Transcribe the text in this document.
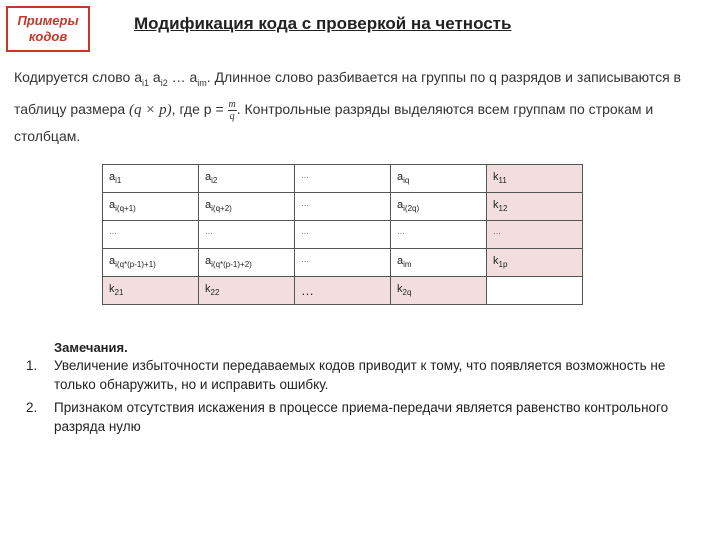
Примеры
кодов
Модификация кода с проверкой на четность
Кодируется слово $a_{i1}$ $a_{i2}$ … $a_{im}$. Длинное слово разбивается на группы по q разрядов и записываются в таблицу размера (q × p), где $p = \frac{m}{q}$ . Контрольные разряды выделяются всем группам по строкам и столбцам.
$a_{i1}$	$a_{i2}$	…	$a_{iq}$	$k_{11}$
$a_{i(q+1)}$	$a_{i(q+2)}$	…	$a_{i(2q)}$	$k_{12}$
…	…	…	…	…
$a_{i(q*(p-1)+1)}$	$a_{i(q*(p-1)+2)}$	…	$a_{im}$	$k_{1p}$
$k_{21}$	$k_{22}$	…	$k_{2q}$	
Замечания.
1. Увеличение избыточности передаваемых кодов приводит к тому, что появляется возможность не только обнаружить, но и исправить ошибку.
2. Признаком отсутствия искажения в процессе приема-передачи является равенство контрольного разряда нулю
